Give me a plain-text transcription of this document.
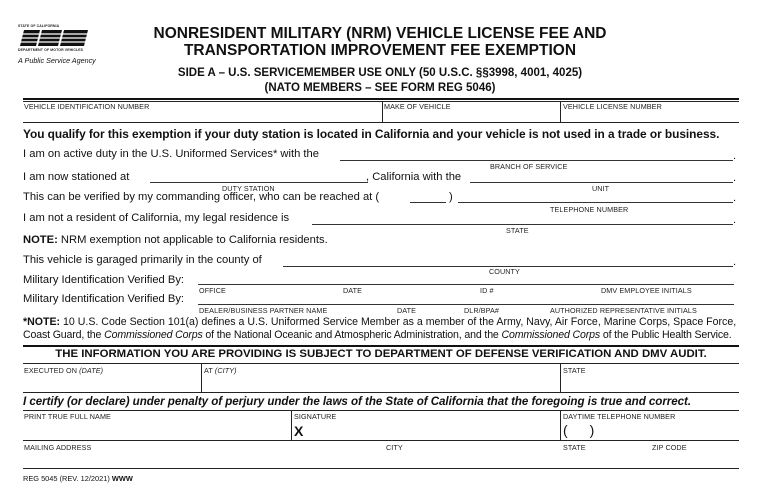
STATE OF CALIFORNIA
DEPARTMENT OF MOTOR VEHICLES
A Public Service Agency
NONRESIDENT MILITARY (NRM) VEHICLE LICENSE FEE AND
TRANSPORTATION IMPROVEMENT FEE EXEMPTION
SIDE A – U.S. SERVICEMEMBER USE ONLY (50 U.S.C. §§3998, 4001, 4025)
(NATO MEMBERS – SEE FORM REG 5046)
VEHICLE IDENTIFICATION NUMBER	MAKE OF VEHICLE	VEHICLE LICENSE NUMBER
You qualify for this exemption if your duty station is located in California and your vehicle is not used in a trade or business.
I am on active duty in the U.S. Uniformed Services* with the	.
BRANCH OF SERVICE
I am now stationed at	, California with the	.
DUTY STATION	UNIT
This can be verified by my commanding officer, who can be reached at (	)	.
TELEPHONE NUMBER
I am not a resident of California, my legal residence is	.
STATE
NOTE: NRM exemption not applicable to California residents.
This vehicle is garaged primarily in the county of	.
COUNTY
Military Identification Verified By:
OFFICE	DATE	ID #	DMV EMPLOYEE INITIALS
Military Identification Verified By:
DEALER/BUSINESS PARTNER NAME	DATE	DLR/BPA#	AUTHORIZED REPRESENTATIVE INITIALS
*NOTE: 10 U.S. Code Section 101(a) defines a U.S. Uniformed Service Member as a member of the Army, Navy, Air Force, Marine Corps, Space Force,
Coast Guard, the Commissioned Corps of the National Oceanic and Atmospheric Administration, and the Commissioned Corps of the Public Health Service.
THE INFORMATION YOU ARE PROVIDING IS SUBJECT TO DEPARTMENT OF DEFENSE VERIFICATION AND DMV AUDIT.
EXECUTED ON (DATE)	AT (CITY)	STATE
I certify (or declare) under penalty of perjury under the laws of the State of California that the foregoing is true and correct.
PRINT TRUE FULL NAME	SIGNATURE
X
DAYTIME TELEPHONE NUMBER
( )
MAILING ADDRESS	CITY	STATE	ZIP CODE
REG 5045 (REV. 12/2021) WWW
